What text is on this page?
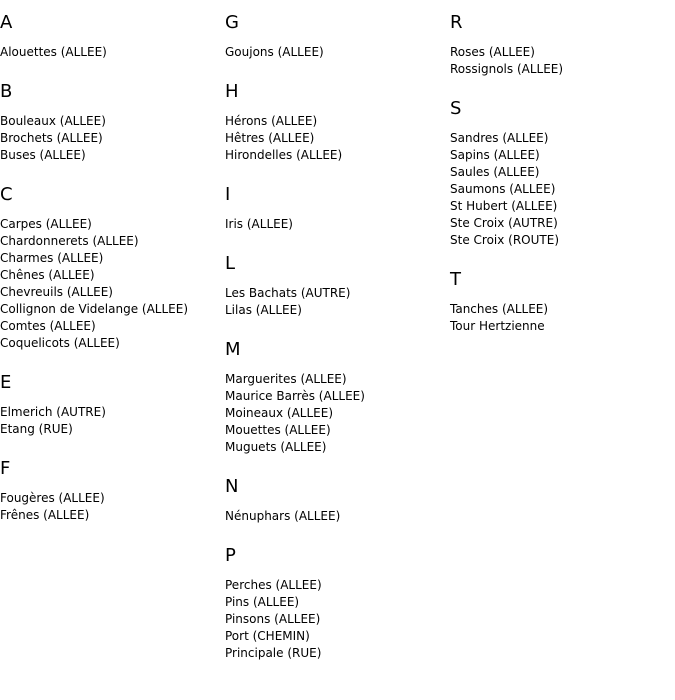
A
Alouettes (ALLEE)
B
Bouleaux (ALLEE)
Brochets (ALLEE)
Buses (ALLEE)
C
Carpes (ALLEE)
Chardonnerets (ALLEE)
Charmes (ALLEE)
Chênes (ALLEE)
Chevreuils (ALLEE)
Collignon de Videlange (ALLEE)
Comtes (ALLEE)
Coquelicots (ALLEE)
E
Elmerich (AUTRE)
Etang (RUE)
F
Fougères (ALLEE)
Frênes (ALLEE)
G
Goujons (ALLEE)
H
Hérons (ALLEE)
Hêtres (ALLEE)
Hirondelles (ALLEE)
I
Iris (ALLEE)
L
Les Bachats (AUTRE)
Lilas (ALLEE)
M
Marguerites (ALLEE)
Maurice Barrès (ALLEE)
Moineaux (ALLEE)
Mouettes (ALLEE)
Muguets (ALLEE)
N
Nénuphars (ALLEE)
P
Perches (ALLEE)
Pins (ALLEE)
Pinsons (ALLEE)
Port (CHEMIN)
Principale (RUE)
R
Roses (ALLEE)
Rossignols (ALLEE)
S
Sandres (ALLEE)
Sapins (ALLEE)
Saules (ALLEE)
Saumons (ALLEE)
St Hubert (ALLEE)
Ste Croix (AUTRE)
Ste Croix (ROUTE)
T
Tanches (ALLEE)
Tour Hertzienne
